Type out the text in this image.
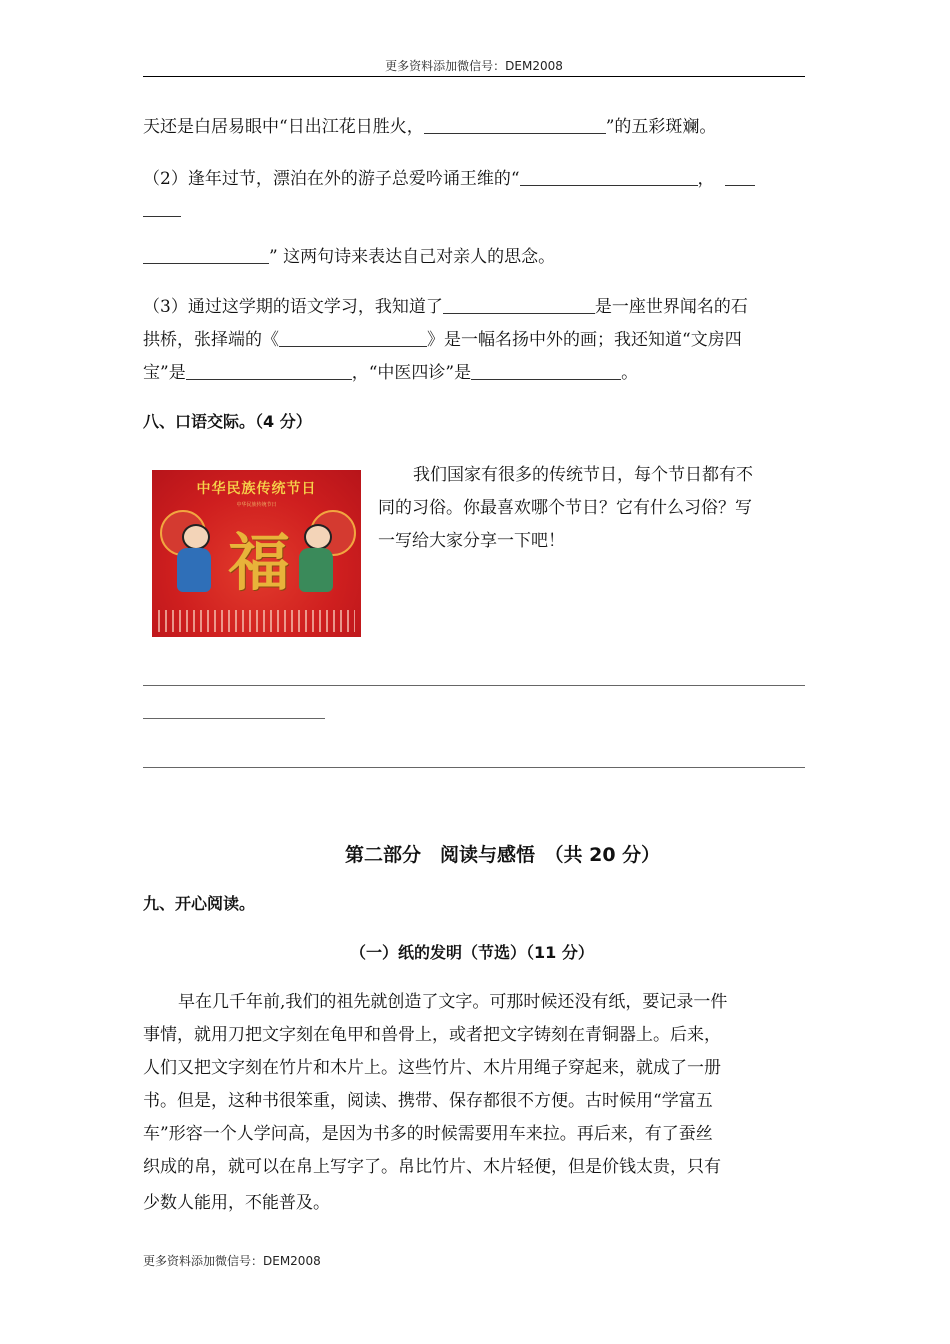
更多资料添加微信号：DEM2008
天还是白居易眼中“日出江花日胜火，	”的五彩斑斓。
（2）逢年过节，漂泊在外的游子总爱吟诵王维的“	，
” 这两句诗来表达自己对亲人的思念。
（3）通过这学期的语文学习，我知道了	是一座世界闻名的石
拱桥，张择端的《	》是一幅名扬中外的画；我还知道“文房四
宝”是	，“中医四诊”是	。
八、口语交际。（4 分）
中华民族传统节日
中华民族传统节日
福
我们国家有很多的传统节日，每个节日都有不
同的习俗。你最喜欢哪个节日？它有什么习俗？写
一写给大家分享一下吧！
第二部分　阅读与感悟　（共 20 分）
九、开心阅读。
（一）纸的发明（节选）（11 分）
早在几千年前,我们的祖先就创造了文字。可那时候还没有纸，要记录一件
事情，就用刀把文字刻在龟甲和兽骨上，或者把文字铸刻在青铜器上。后来，
人们又把文字刻在竹片和木片上。这些竹片、木片用绳子穿起来，就成了一册
书。但是，这种书很笨重，阅读、携带、保存都很不方便。古时候用“学富五
车”形容一个人学问高，是因为书多的时候需要用车来拉。再后来，有了蚕丝
织成的帛，就可以在帛上写字了。帛比竹片、木片轻便，但是价钱太贵，只有
少数人能用，不能普及。
更多资料添加微信号：DEM2008
